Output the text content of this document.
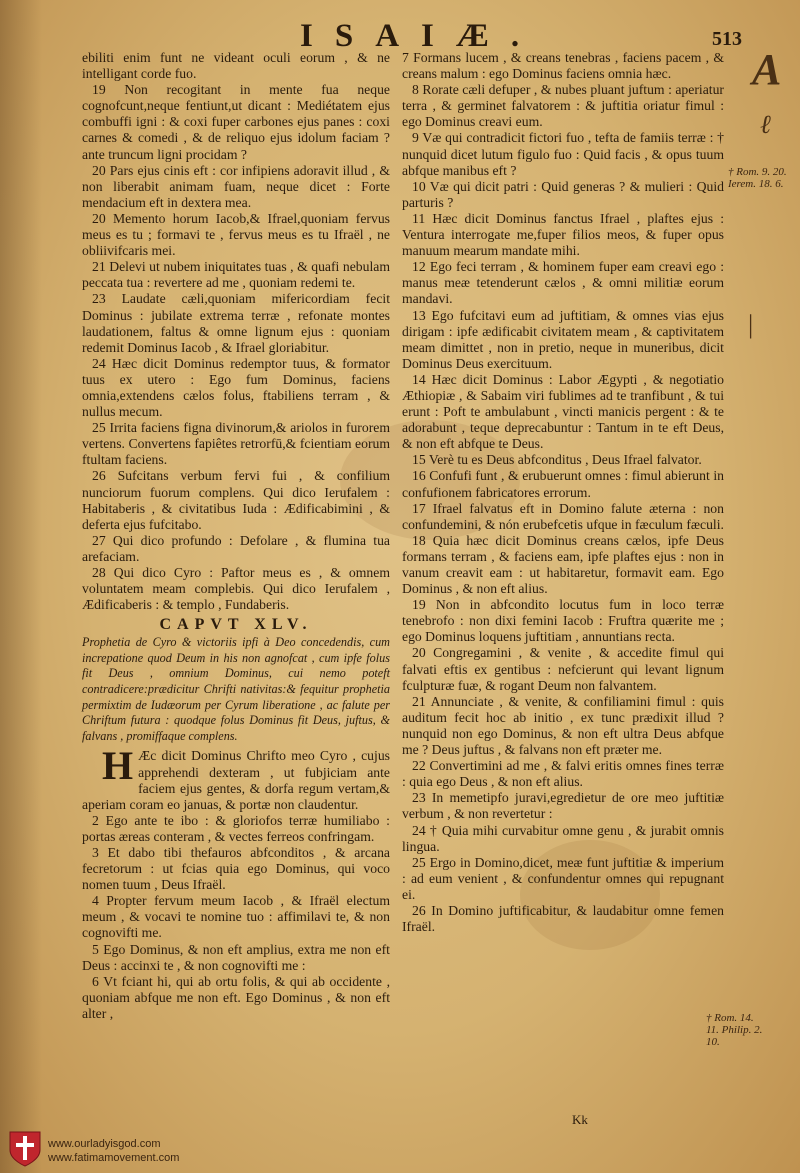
ISAIÆ.	513
A
ℓ
|

ebiliti enim funt ne videant oculi eorum , & ne intelligant corde fuo.

19 Non recogitant in mente fua neque cognofcunt,neque fentiunt,ut dicant : Mediétatem ejus combuffi igni : & coxi fuper carbones ejus panes : coxi carnes & comedi , & de reliquo ejus idolum faciam ? ante truncum ligni procidam ?

20 Pars ejus cinis eft : cor infipiens adoravit illud , & non liberabit animam fuam, neque dicet : Forte mendacium eft in dextera mea.

20 Memento horum Iacob,& Ifrael,quoniam fervus meus es tu ; formavi te , fervus meus es tu Ifraël , ne obliivifcaris mei.

21 Delevi ut nubem iniquitates tuas , & quafi nebulam peccata tua : revertere ad me , quoniam redemi te.

23 Laudate cæli,quoniam mifericordiam fecit Dominus : jubilate extrema terræ , refonate montes laudationem, faltus & omne lignum ejus : quoniam redemit Dominus Iacob , & Ifrael gloriabitur.

24 Hæc dicit Dominus redemptor tuus, & formator tuus ex utero : Ego fum Dominus, faciens omnia,extendens cælos folus, ftabiliens terram , & nullus mecum.

25 Irrita faciens figna divinorum,& ariolos in furorem vertens. Convertens fapiêtes retrorfū,& fcientiam eorum ftultam faciens.

26 Sufcitans verbum fervi fui , & confilium nunciorum fuorum complens. Qui dico Ierufalem : Habitaberis , & civitatibus Iuda : Ædificabimini , & deferta ejus fufcitabo.

27 Qui dico profundo : Defolare , & flumina tua arefaciam.

28 Qui dico Cyro : Paftor meus es , & omnem voluntatem meam complebis. Qui dico Ierufalem , Ædificaberis : & templo , Fundaberis.

CAPVT XLV.

Prophetia de Cyro & victoriis ipfi à Deo concedendis, cum increpatione quod Deum in his non agnofcat , cum ipfe folus fit Deus , omnium Dominus, cui nemo poteft contradicere:prædicitur Chrifti nativitas:& fequitur prophetia permixtim de Iudæorum per Cyrum liberatione , ac falute per Chriftum futura : quodque folus Dominus fit Deus, juftus, & falvans , promiffaque complens.

H Æc dicit Dominus Chrifto meo Cyro , cujus apprehendi dexteram , ut fubjiciam ante faciem ejus gentes, & dorfa regum vertam,& aperiam coram eo januas, & portæ non claudentur.

2 Ego ante te ibo : & gloriofos terræ humiliabo : portas æreas conteram , & vectes ferreos confringam.

3 Et dabo tibi thefauros abfconditos , & arcana fecretorum : ut fcias quia ego Dominus, qui voco nomen tuum , Deus Ifraël.

4 Propter fervum meum Iacob , & Ifraël electum meum , & vocavi te nomine tuo : affimilavi te, & non cognovifti me.

5 Ego Dominus, & non eft amplius, extra me non eft Deus : accinxi te , & non cognovifti me :

6 Vt fciant hi, qui ab ortu folis, & qui ab occidente , quoniam abfque me non eft. Ego Dominus , & non eft alter ,

7 Formans lucem , & creans tenebras , faciens pacem , & creans malum : ego Dominus faciens omnia hæc.

8 Rorate cæli defuper , & nubes pluant juftum : aperiatur terra , & germinet falvatorem : & juftitia oriatur fimul : ego Dominus creavi eum.

9 Væ qui contradicit fictori fuo , tefta de famiis terræ : † nunquid dicet lutum figulo fuo : Quid facis , & opus tuum abfque manibus eft ?

10 Væ qui dicit patri : Quid generas ? & mulieri : Quid parturis ?

11 Hæc dicit Dominus fanctus Ifrael , plaftes ejus : Ventura interrogate me,fuper filios meos, & fuper opus manuum mearum mandate mihi.

12 Ego feci terram , & hominem fuper eam creavi ego : manus meæ tetenderunt cælos , & omni militiæ eorum mandavi.

13 Ego fufcitavi eum ad juftitiam, & omnes vias ejus dirigam : ipfe ædificabit civitatem meam , & captivitatem meam dimittet , non in pretio, neque in muneribus, dicit Dominus Deus exercituum.

14 Hæc dicit Dominus : Labor Ægypti , & negotiatio Æthiopiæ , & Sabaim viri fublimes ad te tranfibunt , & tui erunt : Poft te ambulabunt , vincti manicis pergent : & te adorabunt , teque deprecabuntur : Tantum in te eft Deus, & non eft abfque te Deus.

15 Verè tu es Deus abfconditus , Deus Ifrael falvator.

16 Confufi funt , & erubuerunt omnes : fimul abierunt in confufionem fabricatores errorum.

17 Ifrael falvatus eft in Domino falute æterna : non confundemini, & nón erubefcetis ufque in fæculum fæculi.

18 Quia hæc dicit Dominus creans cælos, ipfe Deus formans terram , & faciens eam, ipfe plaftes ejus : non in vanum creavit eam : ut habitaretur, formavit eam. Ego Dominus , & non eft alius.

19 Non in abfcondito locutus fum in loco terræ tenebrofo : non dixi femini Iacob : Fruftra quærite me ; ego Dominus loquens juftitiam , annuntians recta.

20 Congregamini , & venite , & accedite fimul qui falvati eftis ex gentibus : nefcierunt qui levant lignum fculpturæ fuæ, & rogant Deum non falvantem.

21 Annunciate , & venite, & confiliamini fimul : quis auditum fecit hoc ab initio , ex tunc prædixit illud ? nunquid non ego Dominus, & non eft ultra Deus abfque me ? Deus juftus , & falvans non eft præter me.

22 Convertimini ad me , & falvi eritis omnes fines terræ : quia ego Deus , & non eft alius.

23 In memetipfo juravi,egredietur de ore meo juftitiæ verbum , & non revertetur :

24 † Quia mihi curvabitur omne genu , & jurabit omnis lingua.

25 Ergo in Domino,dicet, meæ funt juftitiæ & imperium : ad eum venient , & confundentur omnes qui repugnant ei.

26 In Domino juftificabitur, & laudabitur omne femen Ifraël.

† Rom. 9. 20. Ierem. 18. 6.
† Rom. 14. 11. Philip. 2. 10.
Kk
www.ourladyisgod.com
www.fatimamovement.com
